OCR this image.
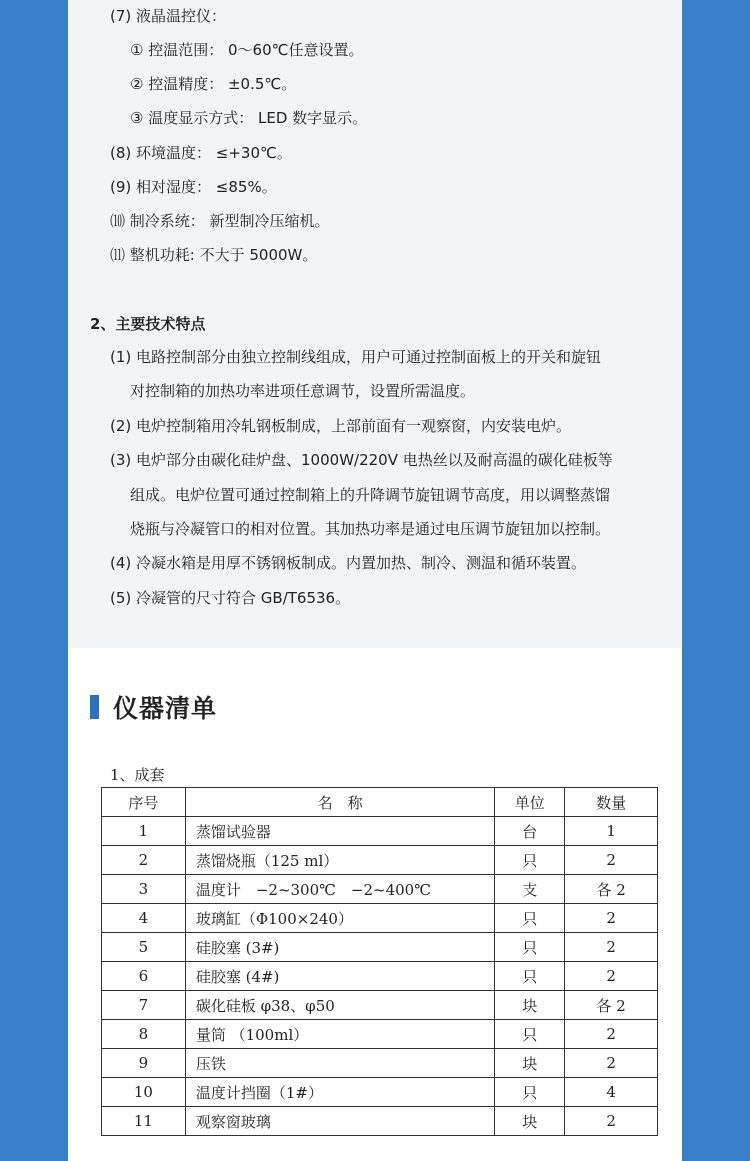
(7) 液晶温控仪：
① 控温范围： 0～60℃任意设置。
② 控温精度： ±0.5℃。
③ 温度显示方式： LED 数字显示。
(8) 环境温度： ≤+30℃。
(9) 相对湿度： ≤85%。
⑽ 制冷系统： 新型制冷压缩机。
⑾ 整机功耗: 不大于 5000W。
2、主要技术特点
(1) 电路控制部分由独立控制线组成，用户可通过控制面板上的开关和旋钮
对控制箱的加热功率进项任意调节，设置所需温度。
(2) 电炉控制箱用冷轧钢板制成，上部前面有一观察窗，内安装电炉。
(3) 电炉部分由碳化硅炉盘、1000W/220V 电热丝以及耐高温的碳化硅板等
组成。电炉位置可通过控制箱上的升降调节旋钮调节高度，用以调整蒸馏
烧瓶与冷凝管口的相对位置。其加热功率是通过电压调节旋钮加以控制。
(4) 冷凝水箱是用厚不锈钢板制成。内置加热、制冷、测温和循环装置。
(5) 冷凝管的尺寸符合 GB/T6536。
仪器清单
1、成套
序号	名　称	单位	数量
1	蒸馏试验器	台	1
2	蒸馏烧瓶（125 ml）	只	2
3	温度计　−2~300℃　−2~400℃	支	各 2
4	玻璃缸（Φ100×240）	只	2
5	硅胶塞 (3#)	只	2
6	硅胶塞 (4#)	只	2
7	碳化硅板 φ38、φ50	块	各 2
8	量筒 （100ml）	只	2
9	压铁	块	2
10	温度计挡圈（1#）	只	4
11	观察窗玻璃	块	2
